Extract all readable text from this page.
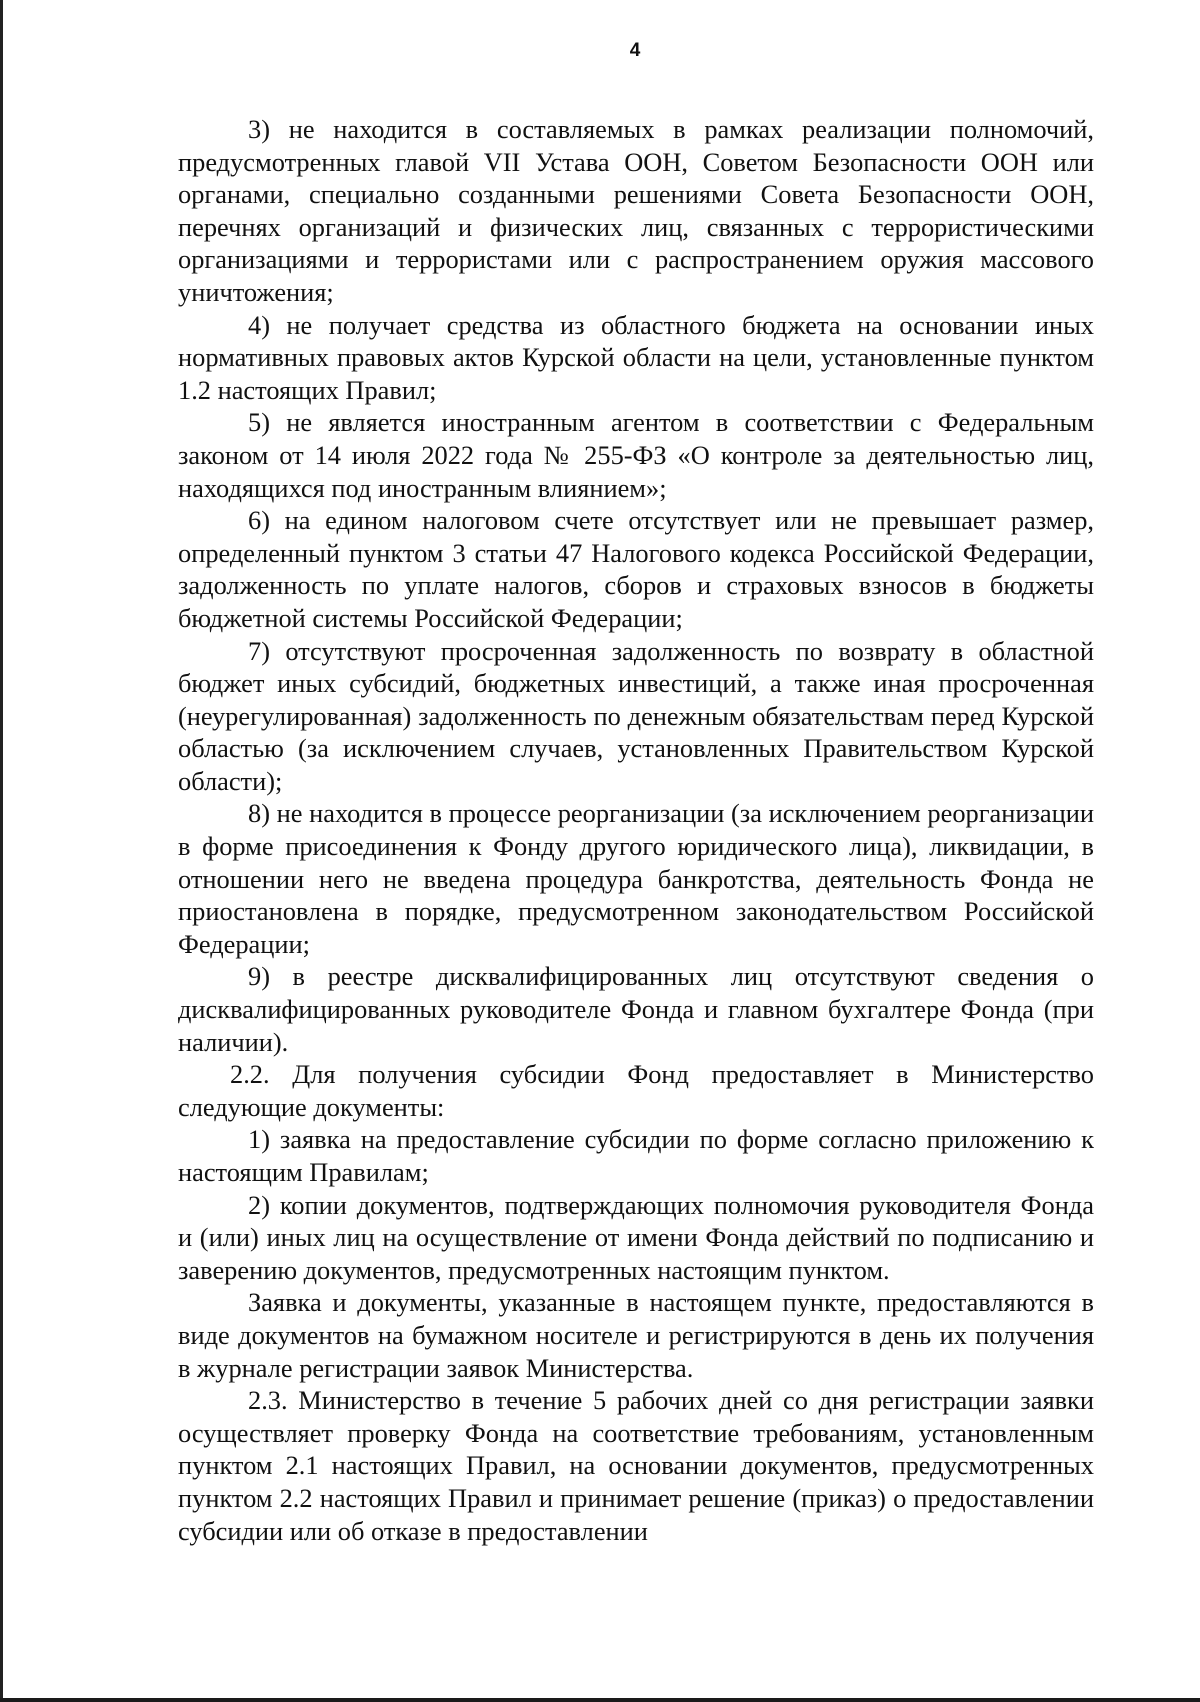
4

3) не находится в составляемых в рамках реализации полномочий, предусмотренных главой VII Устава ООН, Советом Безопасности ООН или органами, специально созданными решениями Совета Безопасности ООН, перечнях организаций и физических лиц, связанных с террористическими организациями и террористами или с распространением оружия массового уничтожения;

4) не получает средства из областного бюджета на основании иных нормативных правовых актов Курской области на цели, установленные пунктом 1.2 настоящих Правил;

5) не является иностранным агентом в соответствии с Федеральным законом от 14 июля 2022 года № 255-ФЗ «О контроле за деятельностью лиц, находящихся под иностранным влиянием»;

6) на едином налоговом счете отсутствует или не превышает размер, определенный пунктом 3 статьи 47 Налогового кодекса Российской Федерации, задолженность по уплате налогов, сборов и страховых взносов в бюджеты бюджетной системы Российской Федерации;

7) отсутствуют просроченная задолженность по возврату в областной бюджет иных субсидий, бюджетных инвестиций, а также иная просроченная (неурегулированная) задолженность по денежным обязательствам перед Курской областью (за исключением случаев, установленных Правительством Курской области);

8) не находится в процессе реорганизации (за исключением реорганизации в форме присоединения к Фонду другого юридического лица), ликвидации, в отношении него не введена процедура банкротства, деятельность Фонда не приостановлена в порядке, предусмотренном законодательством Российской Федерации;

9) в реестре дисквалифицированных лиц отсутствуют сведения о дисквалифицированных руководителе Фонда и главном бухгалтере Фонда (при наличии).

2.2. Для получения субсидии Фонд предоставляет в Министерство следующие документы:

1) заявка на предоставление субсидии по форме согласно приложению к настоящим Правилам;

2) копии документов, подтверждающих полномочия руководителя Фонда и (или) иных лиц на осуществление от имени Фонда действий по подписанию и заверению документов, предусмотренных настоящим пунктом.

Заявка и документы, указанные в настоящем пункте, предоставляются в виде документов на бумажном носителе и регистрируются в день их получения в журнале регистрации заявок Министерства.

2.3. Министерство в течение 5 рабочих дней со дня регистрации заявки осуществляет проверку Фонда на соответствие требованиям, установленным пунктом 2.1 настоящих Правил, на основании документов, предусмотренных пунктом 2.2 настоящих Правил и принимает решение (приказ) о предоставлении субсидии или об отказе в предоставлении
